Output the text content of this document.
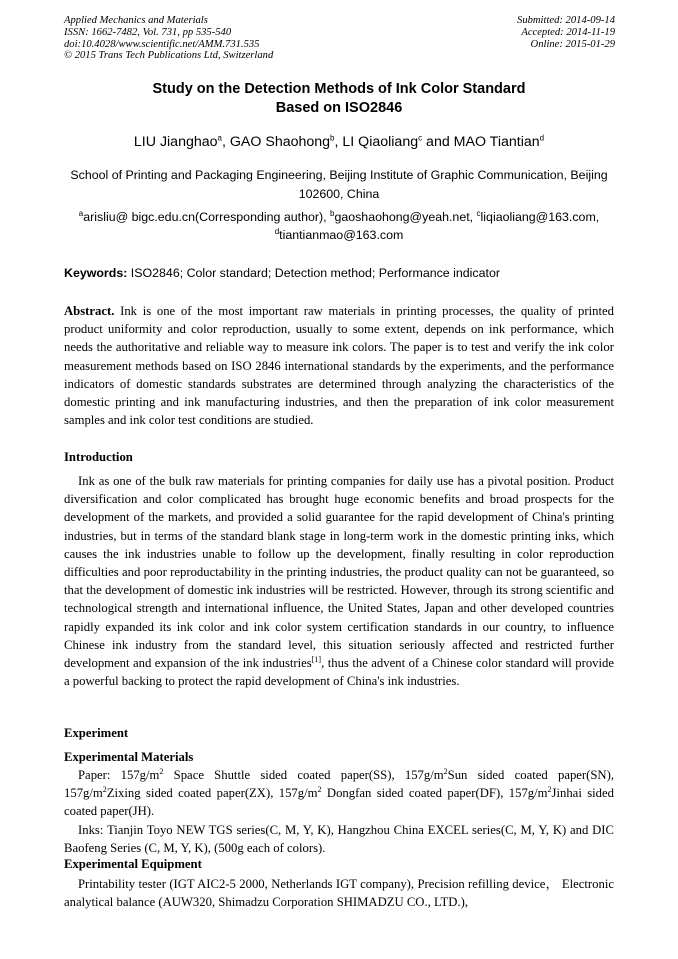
Applied Mechanics and Materials
ISSN: 1662-7482, Vol. 731, pp 535-540
doi:10.4028/www.scientific.net/AMM.731.535
© 2015 Trans Tech Publications Ltd, Switzerland
Submitted: 2014-09-14
Accepted: 2014-11-19
Online: 2015-01-29
Study on the Detection Methods of Ink Color Standard
Based on ISO2846
LIU Jianghao$^a$, GAO Shaohong$^b$, LI Qiaoliang$^c$ and MAO Tiantian$^d$
School of Printing and Packaging Engineering, Beijing Institute of Graphic Communication, Beijing 102600, China
$^a$arisliu@ bigc.edu.cn(Corresponding author), $^b$gaoshaohong@yeah.net, $^c$liqiaoliang@163.com,
$^d$tiantianmao@163.com
Keywords: ISO2846; Color standard; Detection method; Performance indicator

Abstract. Ink is one of the most important raw materials in printing processes, the quality of printed product uniformity and color reproduction, usually to some extent, depends on ink performance, which needs the authoritative and reliable way to measure ink colors. The paper is to test and verify the ink color measurement methods based on ISO 2846 international standards by the experiments, and the performance indicators of domestic standards substrates are determined through analyzing the characteristics of the domestic printing and ink manufacturing industries, and then the preparation of ink color measurement samples and ink color test conditions are studied.

Introduction

Ink as one of the bulk raw materials for printing companies for daily use has a pivotal position. Product diversification and color complicated has brought huge economic benefits and broad prospects for the development of the markets, and provided a solid guarantee for the rapid development of China's printing industries, but in terms of the standard blank stage in long-term work in the domestic printing inks, which causes the ink industries unable to follow up the development, finally resulting in color reproduction difficulties and poor reproductability in the printing industries, the product quality can not be guaranteed, so that the development of domestic ink industries will be restricted. However, through its strong scientific and technological strength and international influence, the United States, Japan and other developed countries rapidly expanded its ink color and ink color system certification standards in our country, to influence Chinese ink industry from the standard level, this situation seriously affected and restricted further development and expansion of the ink industries[1], thus the advent of a Chinese color standard will provide a powerful backing to protect the rapid development of China's ink industries.

Experiment
Experimental Materials

Paper: $157g/m^2$ Space Shuttle sided coated paper(SS), $157g/m^2Sun$ sided coated paper(SN), $157g/m^2Zixing$ sided coated paper(ZX), $157g/m^2$ Dongfan sided coated paper(DF), $157g/m^2Jinhai$ sided coated paper(JH).

Inks: Tianjin Toyo NEW TGS series(C, M, Y, K), Hangzhou China EXCEL series(C, M, Y, K) and DIC Baofeng Series (C, M, Y, K), (500g each of colors).

Experimental Equipment

Printability tester (IGT AIC2-5 2000, Netherlands IGT company), Precision refilling device， Electronic analytical balance (AUW320, Shimadzu Corporation SHIMADZU CO., LTD.),
